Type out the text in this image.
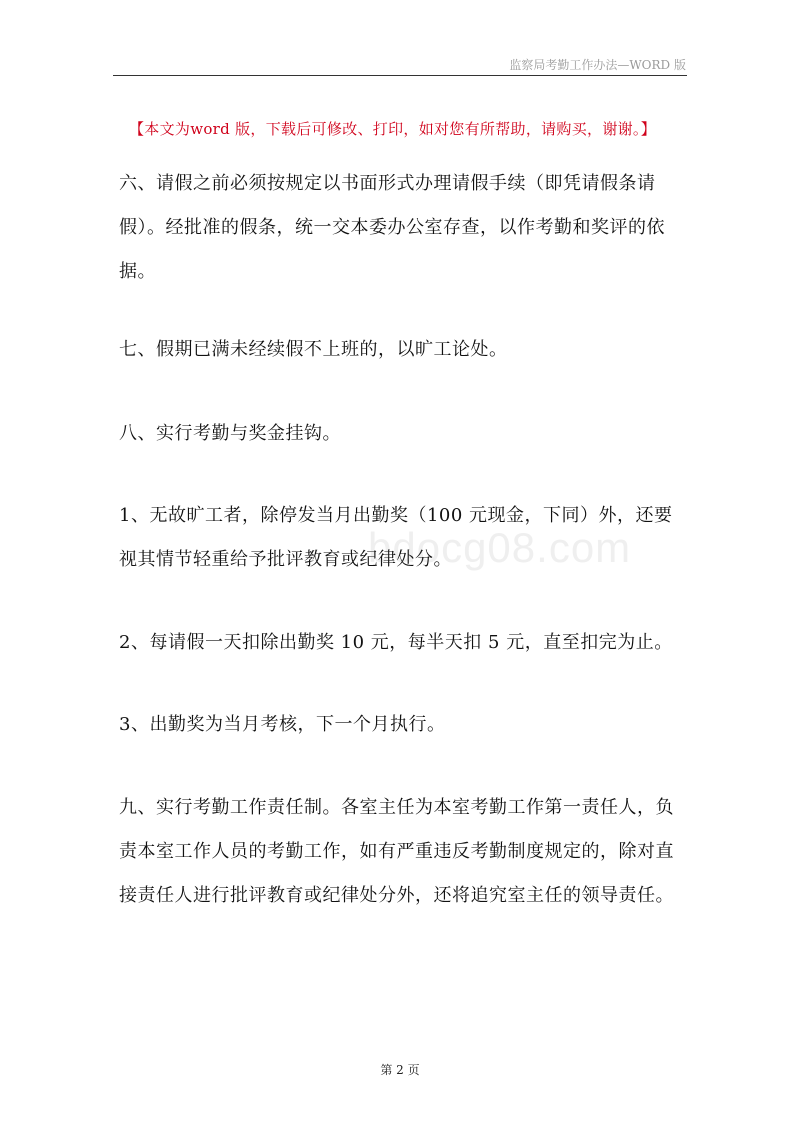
监察局考勤工作办法—WORD 版
【本文为word 版，下载后可修改、打印，如对您有所帮助，请购买，谢谢。】

六、请假之前必须按规定以书面形式办理请假手续（即凭请假条请假）。经批准的假条，统一交本委办公室存查，以作考勤和奖评的依据。

七、假期已满未经续假不上班的，以旷工论处。

八、实行考勤与奖金挂钩。

1、无故旷工者，除停发当月出勤奖（100 元现金，下同）外，还要视其情节轻重给予批评教育或纪律处分。

2、每请假一天扣除出勤奖 10 元，每半天扣 5 元，直至扣完为止。

3、出勤奖为当月考核，下一个月执行。

九、实行考勤工作责任制。各室主任为本室考勤工作第一责任人，负责本室工作人员的考勤工作，如有严重违反考勤制度规定的，除对直接责任人进行批评教育或纪律处分外，还将追究室主任的领导责任。

bdocg08.com
第 2 页
